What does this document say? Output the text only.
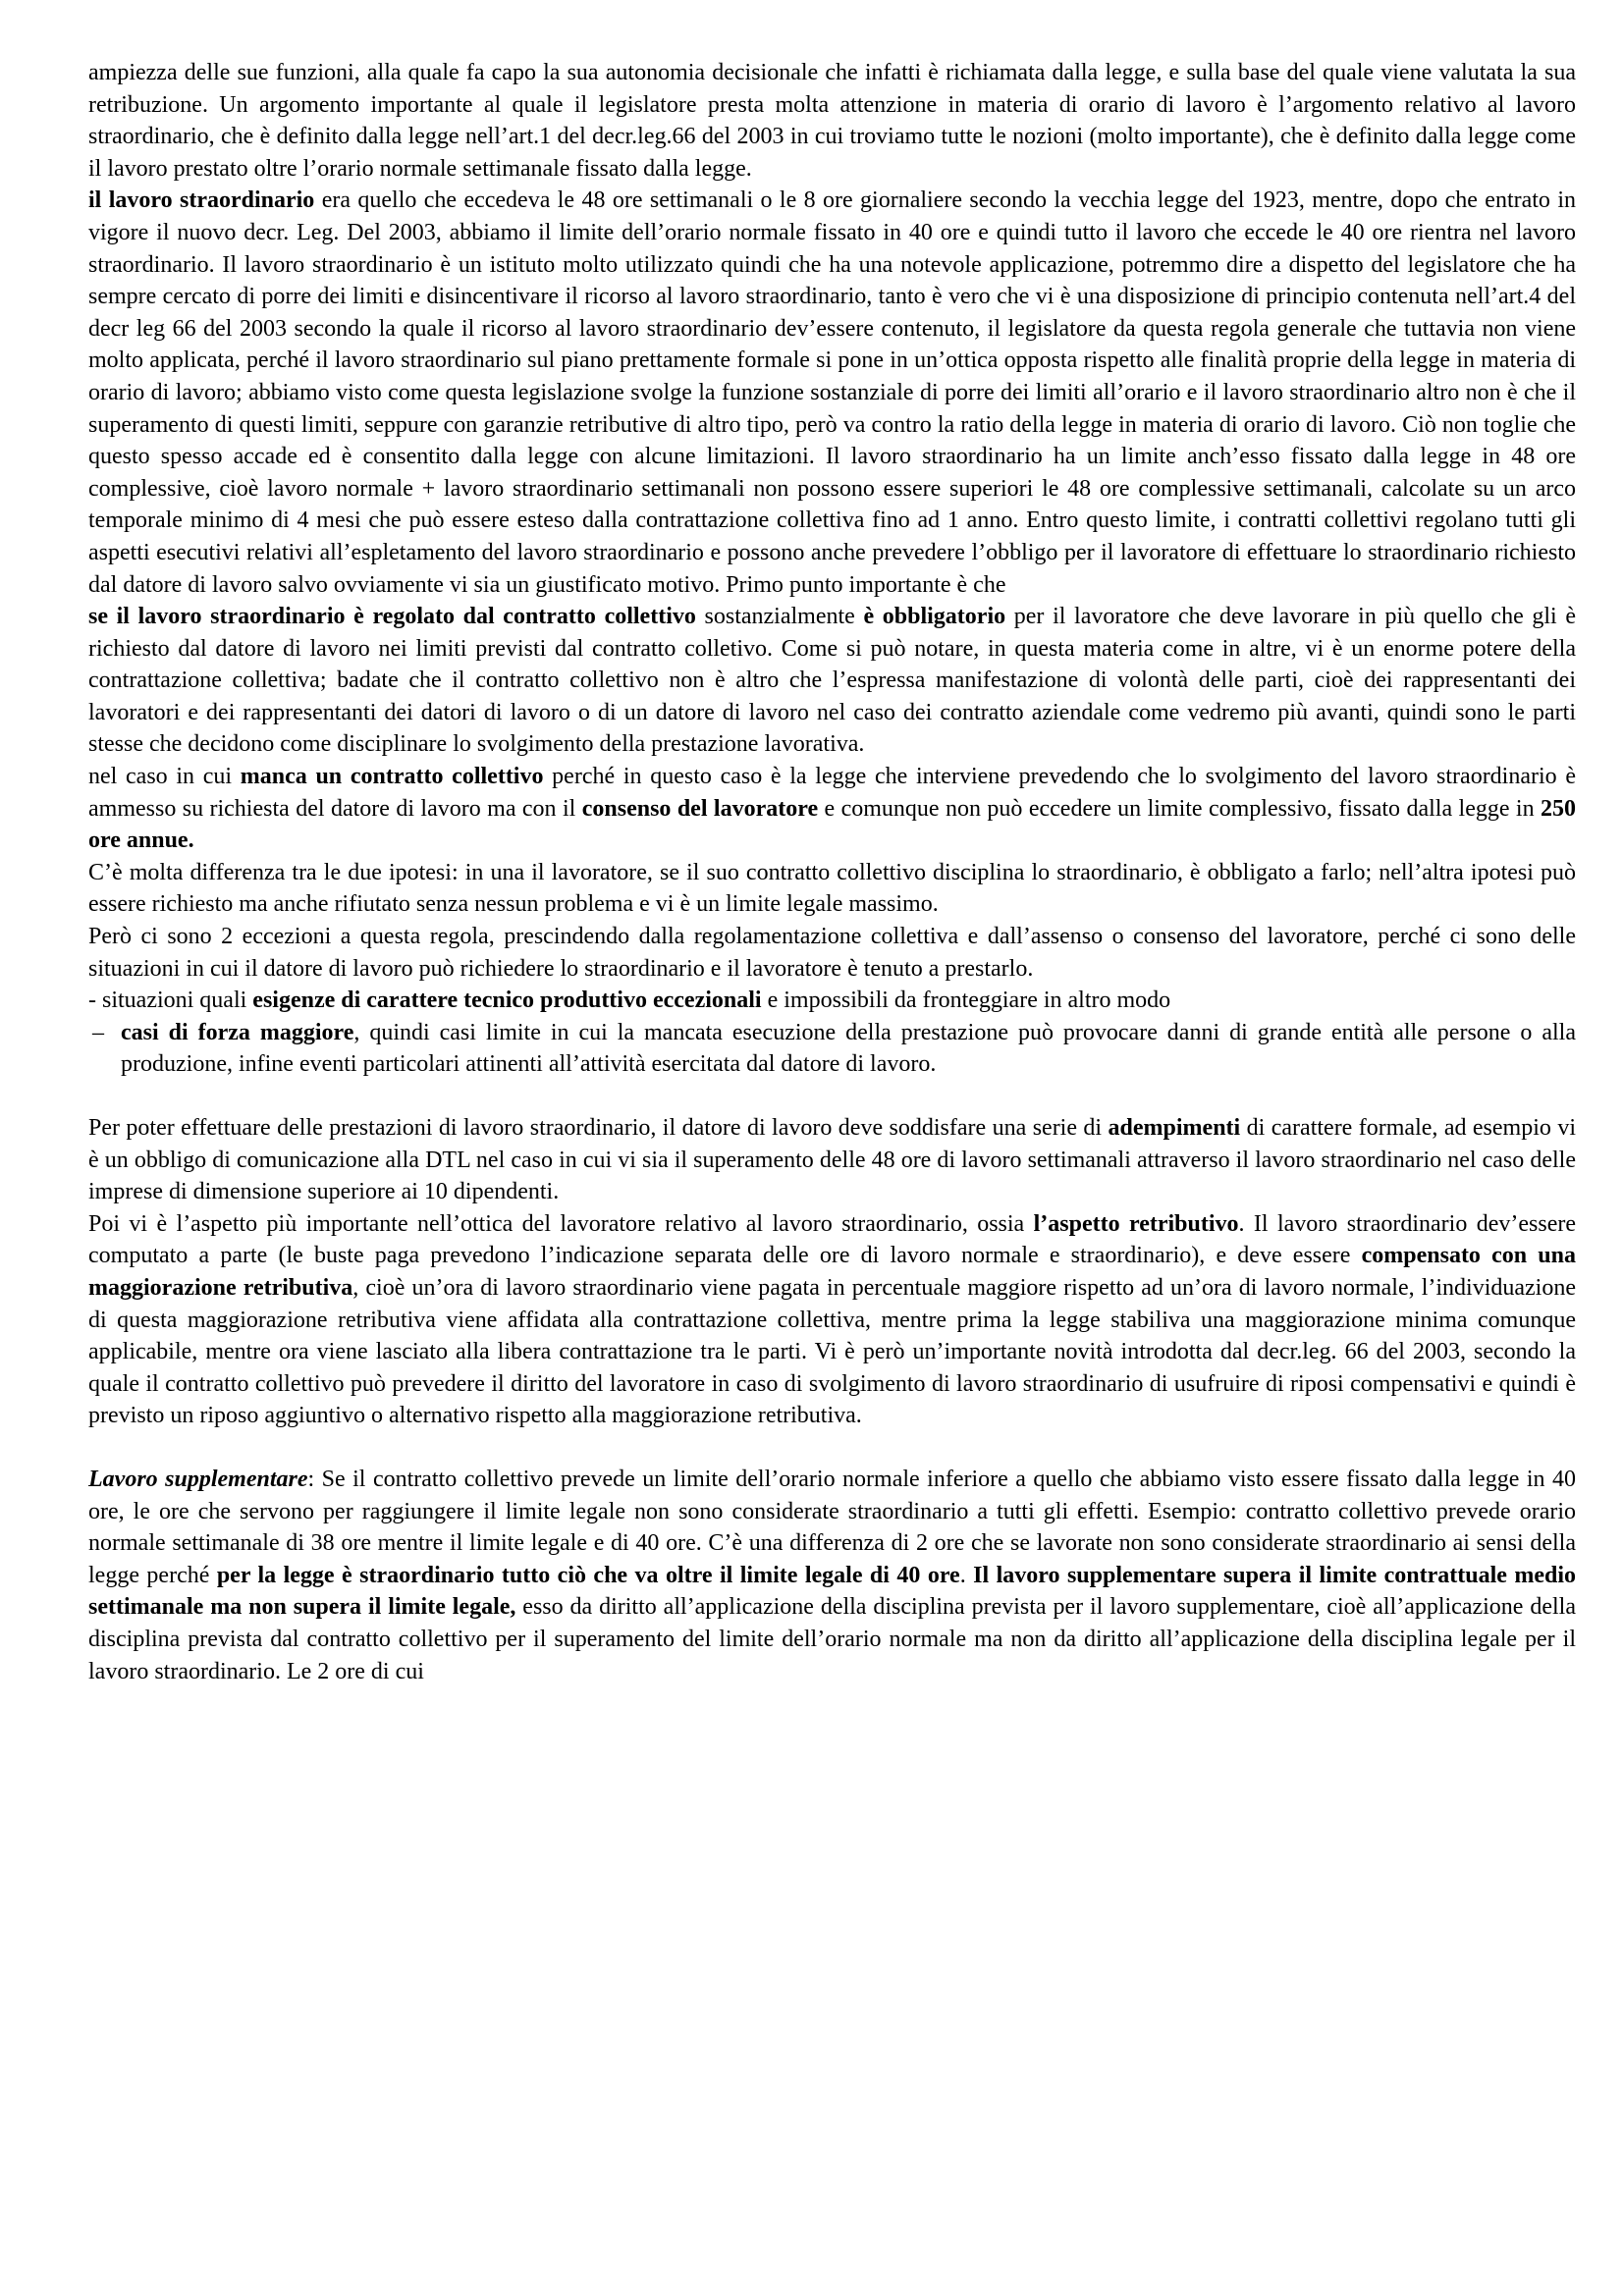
ampiezza delle sue funzioni, alla quale fa capo la sua autonomia decisionale che infatti è richiamata dalla legge, e sulla base del quale viene valutata la sua retribuzione. Un argomento importante al quale il legislatore presta molta attenzione in materia di orario di lavoro è l’argomento relativo al lavoro straordinario, che è definito dalla legge nell’art.1 del decr.leg.66 del 2003 in cui troviamo tutte le nozioni (molto importante), che è definito dalla legge come il lavoro prestato oltre l’orario normale settimanale fissato dalla legge.

il lavoro straordinario era quello che eccedeva le 48 ore settimanali o le 8 ore giornaliere secondo la vecchia legge del 1923, mentre, dopo che entrato in vigore il nuovo decr. Leg. Del 2003, abbiamo il limite dell’orario normale fissato in 40 ore e quindi tutto il lavoro che eccede le 40 ore rientra nel lavoro straordinario. Il lavoro straordinario è un istituto molto utilizzato quindi che ha una notevole applicazione, potremmo dire a dispetto del legislatore che ha sempre cercato di porre dei limiti e disincentivare il ricorso al lavoro straordinario, tanto è vero che vi è una disposizione di principio contenuta nell’art.4 del decr leg 66 del 2003 secondo la quale il ricorso al lavoro straordinario dev’essere contenuto, il legislatore da questa regola generale che tuttavia non viene molto applicata, perché il lavoro straordinario sul piano prettamente formale si pone in un’ottica opposta rispetto alle finalità proprie della legge in materia di orario di lavoro; abbiamo visto come questa legislazione svolge la funzione sostanziale di porre dei limiti all’orario e il lavoro straordinario altro non è che il superamento di questi limiti, seppure con garanzie retributive di altro tipo, però va contro la ratio della legge in materia di orario di lavoro. Ciò non toglie che questo spesso accade ed è consentito dalla legge con alcune limitazioni. Il lavoro straordinario ha un limite anch’esso fissato dalla legge in 48 ore complessive, cioè lavoro normale + lavoro straordinario settimanali non possono essere superiori le 48 ore complessive settimanali, calcolate su un arco temporale minimo di 4 mesi che può essere esteso dalla contrattazione collettiva fino ad 1 anno. Entro questo limite, i contratti collettivi regolano tutti gli aspetti esecutivi relativi all’espletamento del lavoro straordinario e possono anche prevedere l’obbligo per il lavoratore di effettuare lo straordinario richiesto dal datore di lavoro salvo ovviamente vi sia un giustificato motivo. Primo punto importante è che

se il lavoro straordinario è regolato dal contratto collettivo sostanzialmente è obbligatorio per il lavoratore che deve lavorare in più quello che gli è richiesto dal datore di lavoro nei limiti previsti dal contratto colletivo. Come si può notare, in questa materia come in altre, vi è un enorme potere della contrattazione collettiva; badate che il contratto collettivo non è altro che l’espressa manifestazione di volontà delle parti, cioè dei rappresentanti dei lavoratori e dei rappresentanti dei datori di lavoro o di un datore di lavoro nel caso dei contratto aziendale come vedremo più avanti, quindi sono le parti stesse che decidono come disciplinare lo svolgimento della prestazione lavorativa.

nel caso in cui manca un contratto collettivo perché in questo caso è la legge che interviene prevedendo che lo svolgimento del lavoro straordinario è ammesso su richiesta del datore di lavoro ma con il consenso del lavoratore e comunque non può eccedere un limite complessivo, fissato dalla legge in 250 ore annue.

C’è molta differenza tra le due ipotesi: in una il lavoratore, se il suo contratto collettivo disciplina lo straordinario, è obbligato a farlo; nell’altra ipotesi può essere richiesto ma anche rifiutato senza nessun problema e vi è un limite legale massimo.

Però ci sono 2 eccezioni a questa regola, prescindendo dalla regolamentazione collettiva e dall’assenso o consenso del lavoratore, perché ci sono delle situazioni in cui il datore di lavoro può richiedere lo straordinario e il lavoratore è tenuto a prestarlo.

- situazioni quali esigenze di carattere tecnico produttivo eccezionali e impossibili da fronteggiare in altro modo

– casi di forza maggiore, quindi casi limite in cui la mancata esecuzione della prestazione può provocare danni di grande entità alle persone o alla produzione, infine eventi particolari attinenti all’attività esercitata dal datore di lavoro.

Per poter effettuare delle prestazioni di lavoro straordinario, il datore di lavoro deve soddisfare una serie di adempimenti di carattere formale, ad esempio vi è un obbligo di comunicazione alla DTL nel caso in cui vi sia il superamento delle 48 ore di lavoro settimanali attraverso il lavoro straordinario nel caso delle imprese di dimensione superiore ai 10 dipendenti.

Poi vi è l’aspetto più importante nell’ottica del lavoratore relativo al lavoro straordinario, ossia l’aspetto retributivo. Il lavoro straordinario dev’essere computato a parte (le buste paga prevedono l’indicazione separata delle ore di lavoro normale e straordinario), e deve essere compensato con una maggiorazione retributiva, cioè un’ora di lavoro straordinario viene pagata in percentuale maggiore rispetto ad un’ora di lavoro normale, l’individuazione di questa maggiorazione retributiva viene affidata alla contrattazione collettiva, mentre prima la legge stabiliva una maggiorazione minima comunque applicabile, mentre ora viene lasciato alla libera contrattazione tra le parti. Vi è però un’importante novità introdotta dal decr.leg. 66 del 2003, secondo la quale il contratto collettivo può prevedere il diritto del lavoratore in caso di svolgimento di lavoro straordinario di usufruire di riposi compensativi e quindi è previsto un riposo aggiuntivo o alternativo rispetto alla maggiorazione retributiva.

Lavoro supplementare: Se il contratto collettivo prevede un limite dell’orario normale inferiore a quello che abbiamo visto essere fissato dalla legge in 40 ore, le ore che servono per raggiungere il limite legale non sono considerate straordinario a tutti gli effetti. Esempio: contratto collettivo prevede orario normale settimanale di 38 ore mentre il limite legale e di 40 ore. C’è una differenza di 2 ore che se lavorate non sono considerate straordinario ai sensi della legge perché per la legge è straordinario tutto ciò che va oltre il limite legale di 40 ore. Il lavoro supplementare supera il limite contrattuale medio settimanale ma non supera il limite legale, esso da diritto all’applicazione della disciplina prevista per il lavoro supplementare, cioè all’applicazione della disciplina prevista dal contratto collettivo per il superamento del limite dell’orario normale ma non da diritto all’applicazione della disciplina legale per il lavoro straordinario. Le 2 ore di cui
